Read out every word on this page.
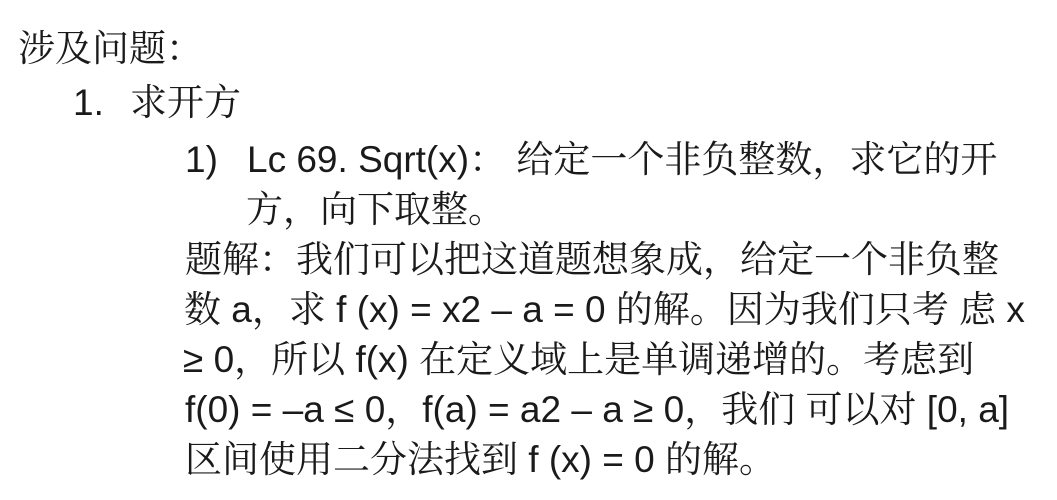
涉及问题：
1. 求开方
1) Lc 69. Sqrt(x)： 给定一个非负整数，求它的开
方，向下取整。
题解：我们可以把这道题想象成，给定一个非负整
数 a，求 f (x) = x2 – a = 0 的解。因为我们只考 虑 x
≥ 0，所以 f(x) 在定义域上是单调递增的。考虑到
f(0) = –a ≤ 0，f(a) = a2 – a ≥ 0，我们 可以对 [0, a]
区间使用二分法找到 f (x) = 0 的解。
